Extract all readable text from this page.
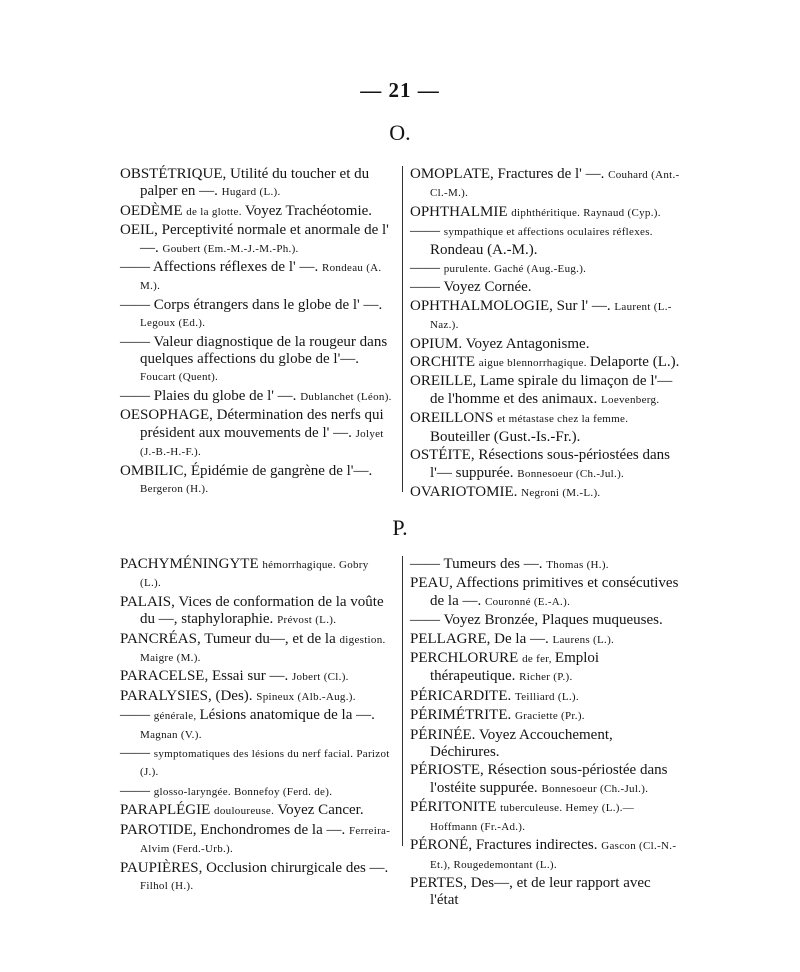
— 21 —
O.

OBSTÉTRIQUE, Utilité du toucher et du palper en —. Hugard (L.).

OEDÈME de la glotte. Voyez Trachéotomie.

OEIL, Perceptivité normale et anormale de l' —. Goubert (Em.-M.-J.-M.-Ph.).

—— Affections réflexes de l' —. Rondeau (A. M.).

—— Corps étrangers dans le globe de l' —. Legoux (Ed.).

—— Valeur diagnostique de la rougeur dans quelques affections du globe de l'—. Foucart (Quent).

—— Plaies du globe de l' —. Dublanchet (Léon).

OESOPHAGE, Détermination des nerfs qui président aux mouvements de l' —. Jolyet (J.-B.-H.-F.).

OMBILIC, Épidémie de gangrène de l'—. Bergeron (H.).

OMOPLATE, Fractures de l' —. Couhard (Ant.-Cl.-M.).

OPHTHALMIE diphthéritique. Raynaud (Cyp.).

—— sympathique et affections oculaires réflexes. Rondeau (A.-M.).

—— purulente. Gaché (Aug.-Eug.).

—— Voyez Cornée.

OPHTHALMOLOGIE, Sur l' —. Laurent (L.-Naz.).

OPIUM. Voyez Antagonisme.

ORCHITE aigue blennorrhagique. Delaporte (L.).

OREILLE, Lame spirale du limaçon de l'— de l'homme et des animaux. Loevenberg.

OREILLONS et métastase chez la femme. Bouteiller (Gust.-Is.-Fr.).

OSTÉITE, Résections sous-périostées dans l'— suppurée. Bonnesoeur (Ch.-Jul.).

OVARIOTOMIE. Negroni (M.-L.).

P.

PACHYMÉNINGYTE hémorrhagique. Gobry (L.).

PALAIS, Vices de conformation de la voûte du —, staphyloraphie. Prévost (L.).

PANCRÉAS, Tumeur du—, et de la digestion. Maigre (M.).

PARACELSE, Essai sur —. Jobert (Cl.).

PARALYSIES, (Des). Spineux (Alb.-Aug.).

—— générale, Lésions anatomique de la —. Magnan (V.).

—— symptomatiques des lésions du nerf facial. Parizot (J.).

—— glosso-laryngée. Bonnefoy (Ferd. de).

PARAPLÉGIE douloureuse. Voyez Cancer.

PAROTIDE, Enchondromes de la —. Ferreira-Alvim (Ferd.-Urb.).

PAUPIÈRES, Occlusion chirurgicale des —. Filhol (H.).

—— Tumeurs des —. Thomas (H.).

PEAU, Affections primitives et consécutives de la —. Couronné (E.-A.).

—— Voyez Bronzée, Plaques muqueuses.

PELLAGRE, De la —. Laurens (L.).

PERCHLORURE de fer, Emploi thérapeutique. Richer (P.).

PÉRICARDITE. Teilliard (L.).

PÉRIMÉTRITE. Graciette (Pr.).

PÉRINÉE. Voyez Accouchement, Déchirures.

PÉRIOSTE, Résection sous-périostée dans l'ostéite suppurée. Bonnesoeur (Ch.-Jul.).

PÉRITONITE tuberculeuse. Hemey (L.).—Hoffmann (Fr.-Ad.).

PÉRONÉ, Fractures indirectes. Gascon (Cl.-N.-Et.), Rougedemontant (L.).

PERTES, Des—, et de leur rapport avec l'état
